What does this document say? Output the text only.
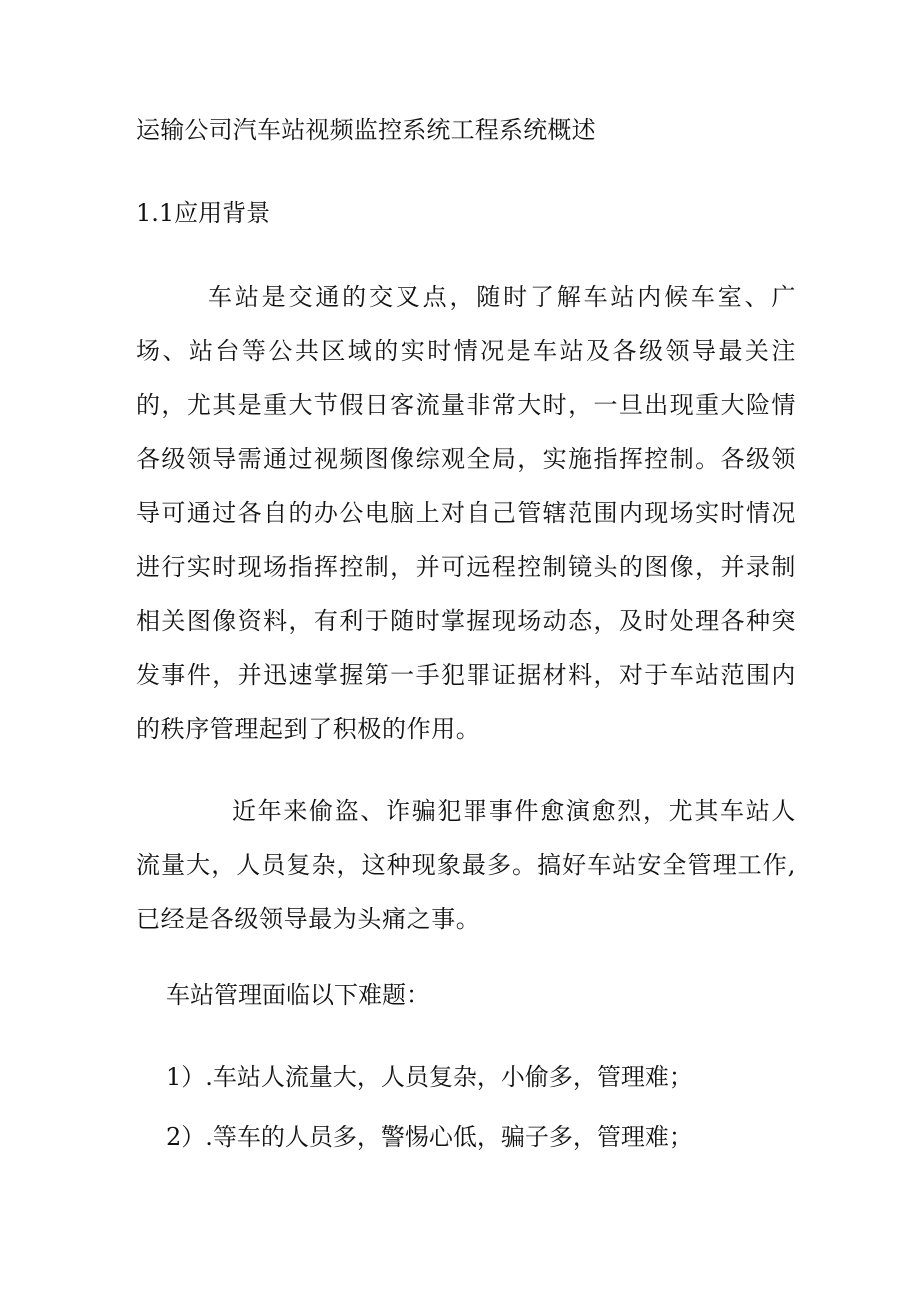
运输公司汽车站视频监控系统工程系统概述
1.1应用背景
车站是交通的交叉点，随时了解车站内候车室、广场、站台等公共区域的实时情况是车站及各级领导最关注的，尤其是重大节假日客流量非常大时，一旦出现重大险情各级领导需通过视频图像综观全局，实施指挥控制。各级领导可通过各自的办公电脑上对自己管辖范围内现场实时情况进行实时现场指挥控制，并可远程控制镜头的图像，并录制相关图像资料，有利于随时掌握现场动态，及时处理各种突发事件，并迅速掌握第一手犯罪证据材料，对于车站范围内的秩序管理起到了积极的作用。
近年来偷盗、诈骗犯罪事件愈演愈烈，尤其车站人流量大，人员复杂，这种现象最多。搞好车站安全管理工作,已经是各级领导最为头痛之事。
车站管理面临以下难题：
1）.车站人流量大，人员复杂，小偷多，管理难；
2）.等车的人员多，警惕心低，骗子多，管理难；
